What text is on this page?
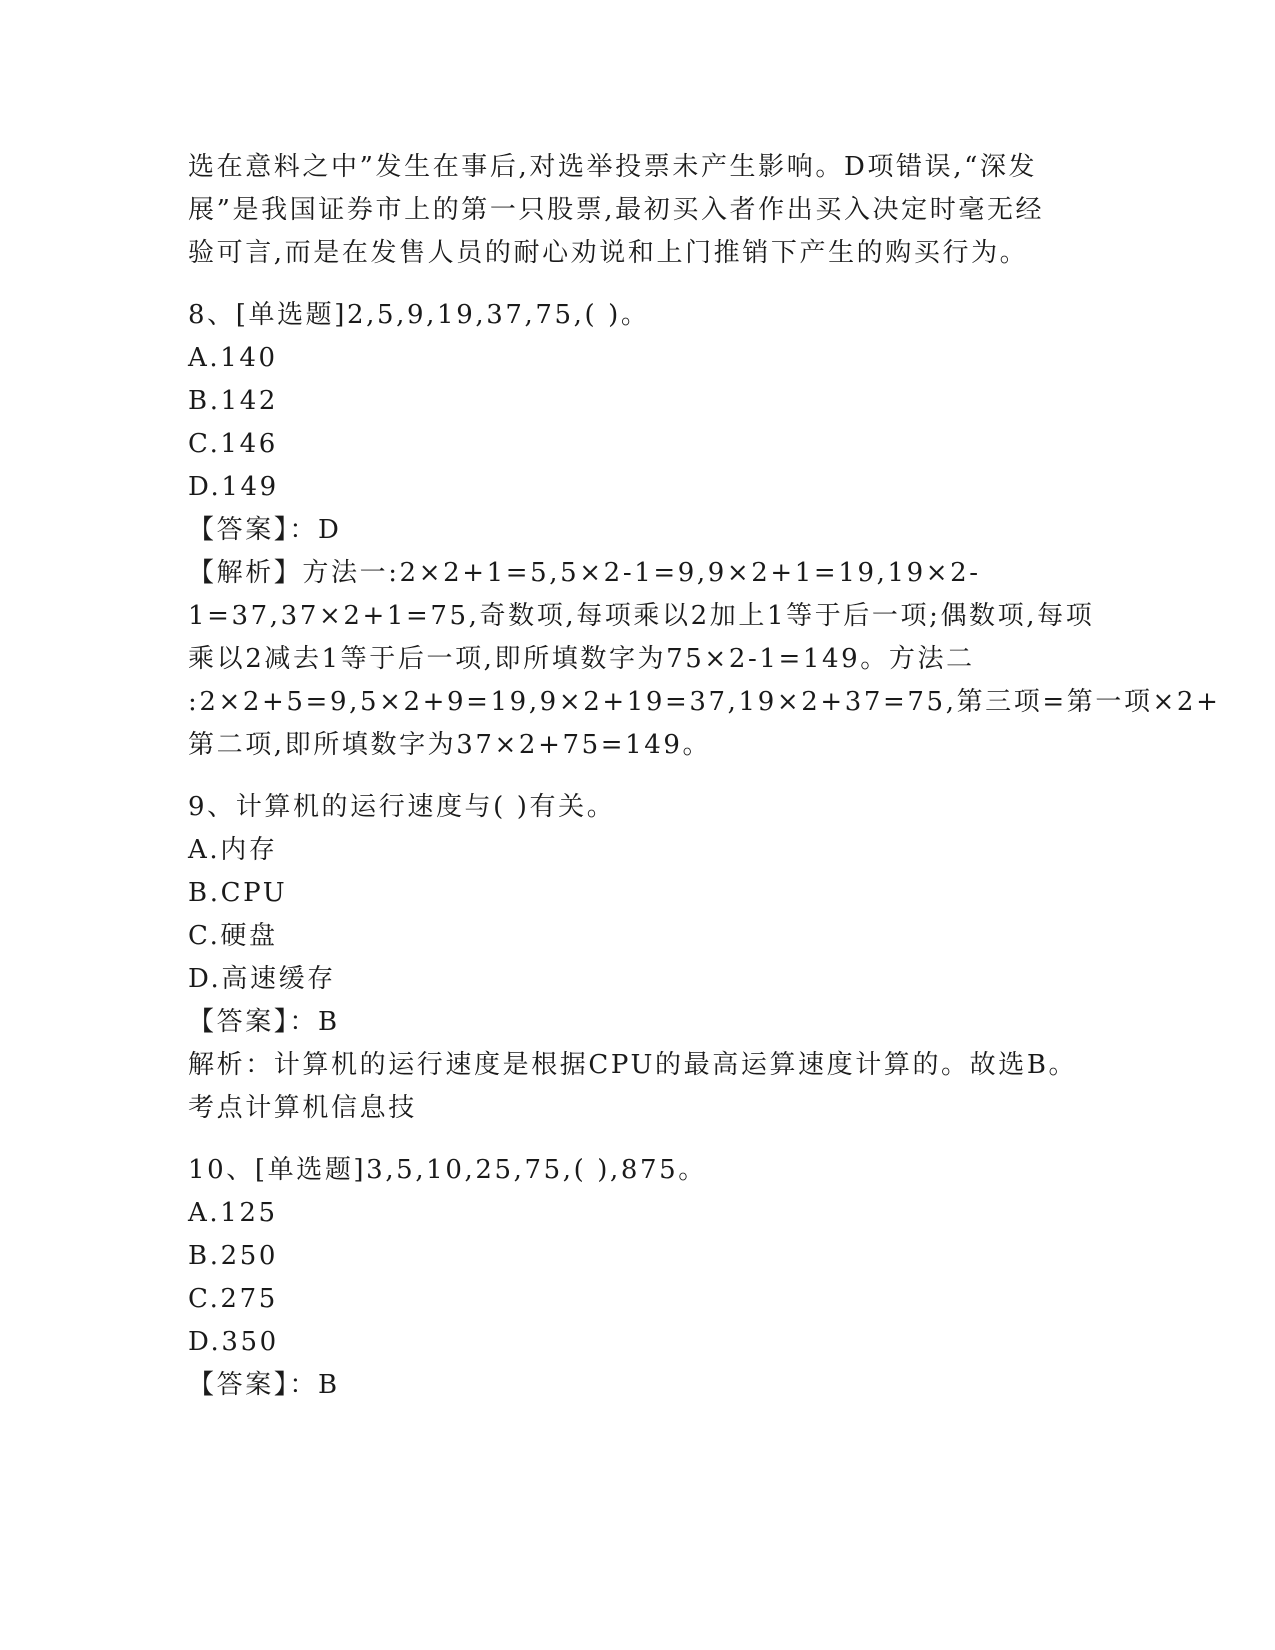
选在意料之中”发生在事后,对选举投票未产生影响。D项错误,“深发
展”是我国证券市上的第一只股票,最初买入者作出买入决定时毫无经
验可言,而是在发售人员的耐心劝说和上门推销下产生的购买行为。
8、[单选题]2,5,9,19,37,75,( )。
A.140
B.142
C.146
D.149
【答案】：D
【解析】方法一:2×2+1=5,5×2-1=9,9×2+1=19,19×2-
1=37,37×2+1=75,奇数项,每项乘以2加上1等于后一项;偶数项,每项
乘以2减去1等于后一项,即所填数字为75×2-1=149。方法二
:2×2+5=9,5×2+9=19,9×2+19=37,19×2+37=75,第三项=第一项×2+
第二项,即所填数字为37×2+75=149。
9、计算机的运行速度与( )有关。
A.内存
B.CPU
C.硬盘
D.高速缓存
【答案】：B
解析：计算机的运行速度是根据CPU的最高运算速度计算的。故选B。
考点计算机信息技
10、[单选题]3,5,10,25,75,( ),875。
A.125
B.250
C.275
D.350
【答案】：B
